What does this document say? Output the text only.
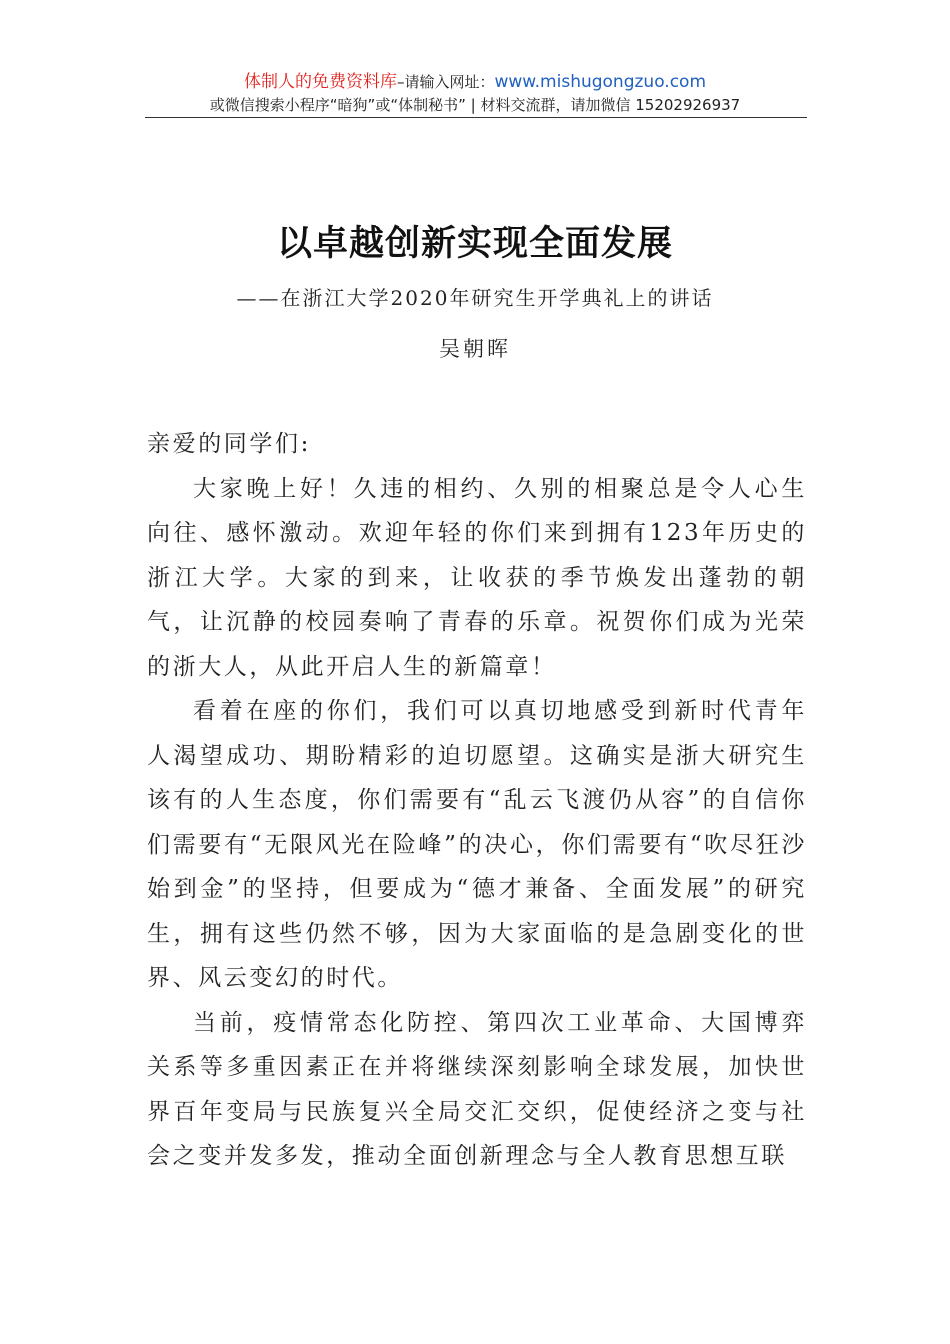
体制人的免费资料库–请输入网址：www.mishugongzuo.com
或微信搜索小程序“暗狗”或“体制秘书” | 材料交流群，请加微信 15202926937
以卓越创新实现全面发展
——在浙江大学2020年研究生开学典礼上的讲话
吴朝晖

亲爱的同学们:

大家晚上好！久违的相约、久别的相聚总是令人心生向往、感怀激动。欢迎年轻的你们来到拥有123年历史的浙江大学。大家的到来，让收获的季节焕发出蓬勃的朝气，让沉静的校园奏响了青春的乐章。祝贺你们成为光荣的浙大人，从此开启人生的新篇章！

看着在座的你们，我们可以真切地感受到新时代青年人渴望成功、期盼精彩的迫切愿望。这确实是浙大研究生该有的人生态度，你们需要有“乱云飞渡仍从容”的自信你们需要有“无限风光在险峰”的决心，你们需要有“吹尽狂沙始到金”的坚持，但要成为“德才兼备、全面发展”的研究生，拥有这些仍然不够，因为大家面临的是急剧变化的世界、风云变幻的时代。

当前，疫情常态化防控、第四次工业革命、大国博弈关系等多重因素正在并将继续深刻影响全球发展，加快世界百年变局与民族复兴全局交汇交织，促使经济之变与社会之变并发多发，推动全面创新理念与全人教育思想互联
